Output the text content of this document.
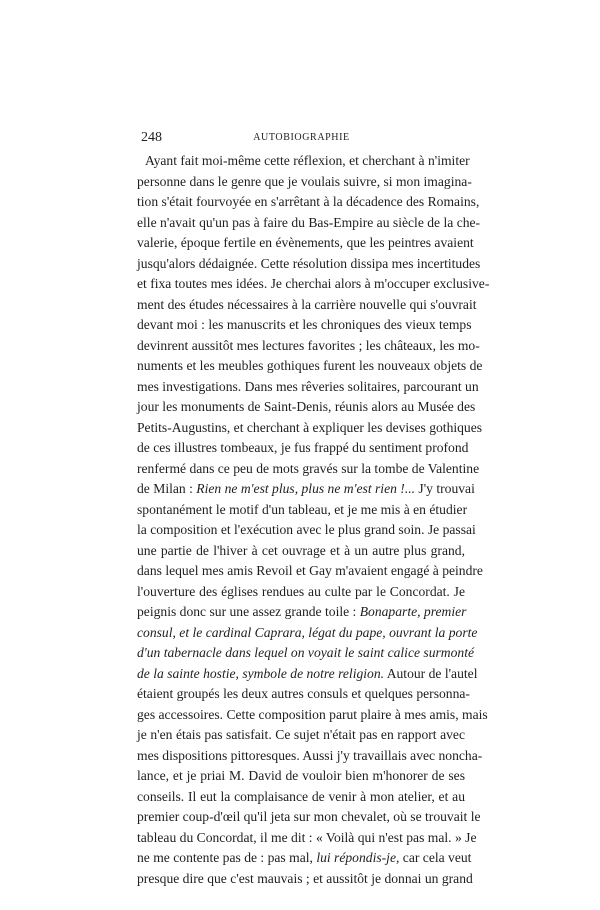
248	AUTOBIOGRAPHIE
Ayant fait moi-même cette réflexion, et cherchant à n'imiter
personne dans le genre que je voulais suivre, si mon imagina-
tion s'était fourvoyée en s'arrêtant à la décadence des Romains,
elle n'avait qu'un pas à faire du Bas-Empire au siècle de la che-
valerie, époque fertile en évènements, que les peintres avaient
jusqu'alors dédaignée. Cette résolution dissipa mes incertitudes
et fixa toutes mes idées. Je cherchai alors à m'occuper exclusive-
ment des études nécessaires à la carrière nouvelle qui s'ouvrait
devant moi : les manuscrits et les chroniques des vieux temps
devinrent aussitôt mes lectures favorites ; les châteaux, les mo-
numents et les meubles gothiques furent les nouveaux objets de
mes investigations. Dans mes rêveries solitaires, parcourant un
jour les monuments de Saint-Denis, réunis alors au Musée des
Petits-Augustins, et cherchant à expliquer les devises gothiques
de ces illustres tombeaux, je fus frappé du sentiment profond
renfermé dans ce peu de mots gravés sur la tombe de Valentine
de Milan : Rien ne m'est plus, plus ne m'est rien !... J'y trouvai
spontanément le motif d'un tableau, et je me mis à en étudier
la composition et l'exécution avec le plus grand soin. Je passai
une partie de l'hiver à cet ouvrage et à un autre plus grand,
dans lequel mes amis Revoil et Gay m'avaient engagé à peindre
l'ouverture des églises rendues au culte par le Concordat. Je
peignis donc sur une assez grande toile : Bonaparte, premier
consul, et le cardinal Caprara, légat du pape, ouvrant la porte
d'un tabernacle dans lequel on voyait le saint calice surmonté
de la sainte hostie, symbole de notre religion. Autour de l'autel
étaient groupés les deux autres consuls et quelques personna-
ges accessoires. Cette composition parut plaire à mes amis, mais
je n'en étais pas satisfait. Ce sujet n'était pas en rapport avec
mes dispositions pittoresques. Aussi j'y travaillais avec noncha-
lance, et je priai M. David de vouloir bien m'honorer de ses
conseils. Il eut la complaisance de venir à mon atelier, et au
premier coup-d'œil qu'il jeta sur mon chevalet, où se trouvait le
tableau du Concordat, il me dit : « Voilà qui n'est pas mal. » Je
ne me contente pas de : pas mal, lui répondis-je, car cela veut
presque dire que c'est mauvais ; et aussitôt je donnai un grand
